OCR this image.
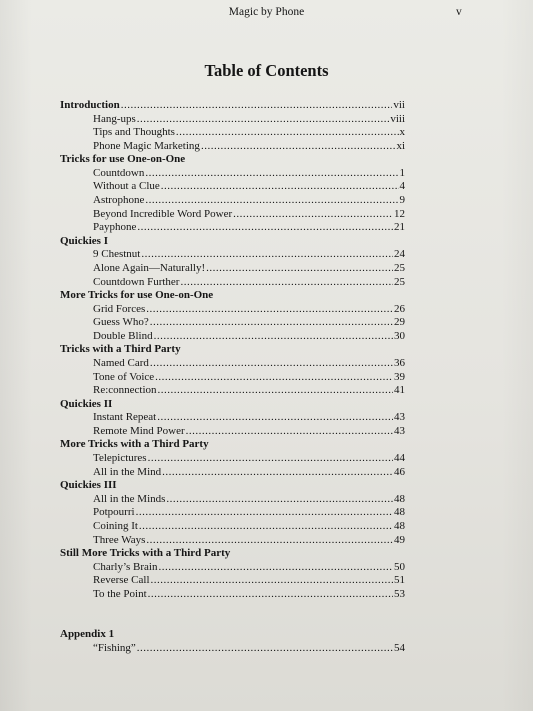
Magic by Phone	v
Table of Contents
Introduction .....	vii
Hang-ups .....	viii
Tips and Thoughts .....	x
Phone Magic Marketing .....	xi
Tricks for use One-on-One
Countdown .....	1
Without a Clue .....	4
Astrophone .....	9
Beyond Incredible Word Power .....	12
Payphone .....	21
Quickies I
9 Chestnut .....	24
Alone Again—Naturally! .....	25
Countdown Further .....	25
More Tricks for use One-on-One
Grid Forces .....	26
Guess Who? .....	29
Double Blind .....	30
Tricks with a Third Party
Named Card .....	36
Tone of Voice .....	39
Re:connection .....	41
Quickies II
Instant Repeat .....	43
Remote Mind Power .....	43
More Tricks with a Third Party
Telepictures .....	44
All in the Mind .....	46
Quickies III
All in the Minds .....	48
Potpourri .....	48
Coining It .....	48
Three Ways .....	49
Still More Tricks with a Third Party
Charly’s Brain .....	50
Reverse Call .....	51
To the Point .....	53
Appendix 1
“Fishing” .....	54
